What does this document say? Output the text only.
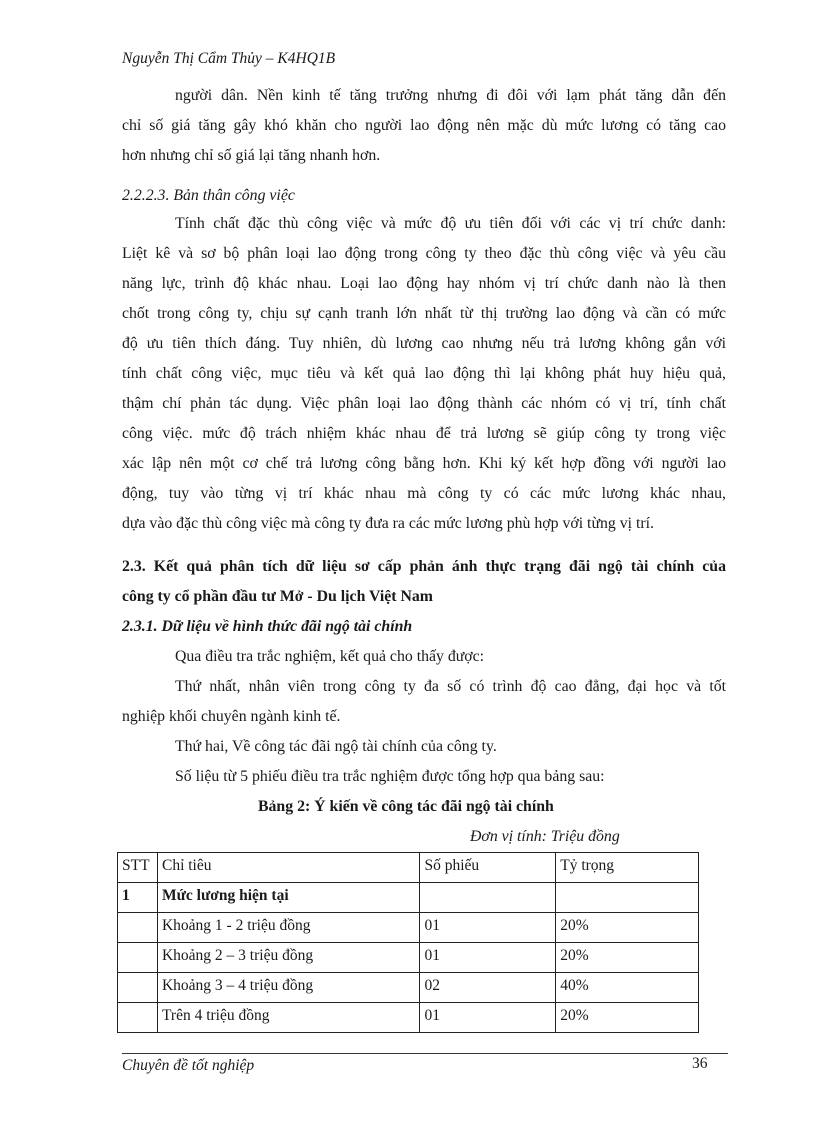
Nguyễn Thị Cẩm Thủy – K4HQ1B
người dân. Nền kinh tế tăng trưởng nhưng đi đôi với lạm phát tăng dẫn đến
chỉ số giá tăng gây khó khăn cho người lao động nên mặc dù mức lương có tăng cao
hơn nhưng chỉ số giá lại tăng nhanh hơn.
2.2.2.3. Bản thân công việc
Tính chất đặc thù công việc và mức độ ưu tiên đối với các vị trí chức danh:
Liệt kê và sơ bộ phân loại lao động trong công ty theo đặc thù công việc và yêu cầu
năng lực, trình độ khác nhau. Loại lao động hay nhóm vị trí chức danh nào là then
chốt trong công ty, chịu sự cạnh tranh lớn nhất từ thị trường lao động và cần có mức
độ ưu tiên thích đáng. Tuy nhiên, dù lương cao nhưng nếu trả lương không gắn với
tính chất công việc, mục tiêu và kết quả lao động thì lại không phát huy hiệu quả,
thậm chí phản tác dụng. Việc phân loại lao động thành các nhóm có vị trí, tính chất
công việc. mức độ trách nhiệm khác nhau để trả lương sẽ giúp công ty trong việc
xác lập nên một cơ chế trả lương công bằng hơn. Khi ký kết hợp đồng với người lao
động, tuy vào từng vị trí khác nhau mà công ty có các mức lương khác nhau,
dựa vào đặc thù công việc mà công ty đưa ra các mức lương phù hợp với từng vị trí.
2.3. Kết quả phân tích dữ liệu sơ cấp phản ánh thực trạng đãi ngộ tài chính của
công ty cổ phần đầu tư Mở - Du lịch Việt Nam
2.3.1. Dữ liệu về hình thức đãi ngộ tài chính
Qua điều tra trắc nghiệm, kết quả cho thấy được:
Thứ nhất, nhân viên trong công ty đa số có trình độ cao đẳng, đại học và tốt
nghiệp khối chuyên ngành kinh tế.
Thứ hai, Về công tác đãi ngộ tài chính của công ty.
Số liệu từ 5 phiếu điều tra trắc nghiệm được tổng hợp qua bảng sau:
Bảng 2: Ý kiến về công tác đãi ngộ tài chính
Đơn vị tính: Triệu đồng
STT	Chỉ tiêu	Số phiếu	Tỷ trọng
1	Mức lương hiện tại		
	Khoảng 1 - 2 triệu đồng	01	20%
	Khoảng 2 – 3 triệu đồng	01	20%
	Khoảng 3 – 4 triệu đồng	02	40%
	Trên 4 triệu đồng	01	20%
Chuyên đề tốt nghiệp	36
